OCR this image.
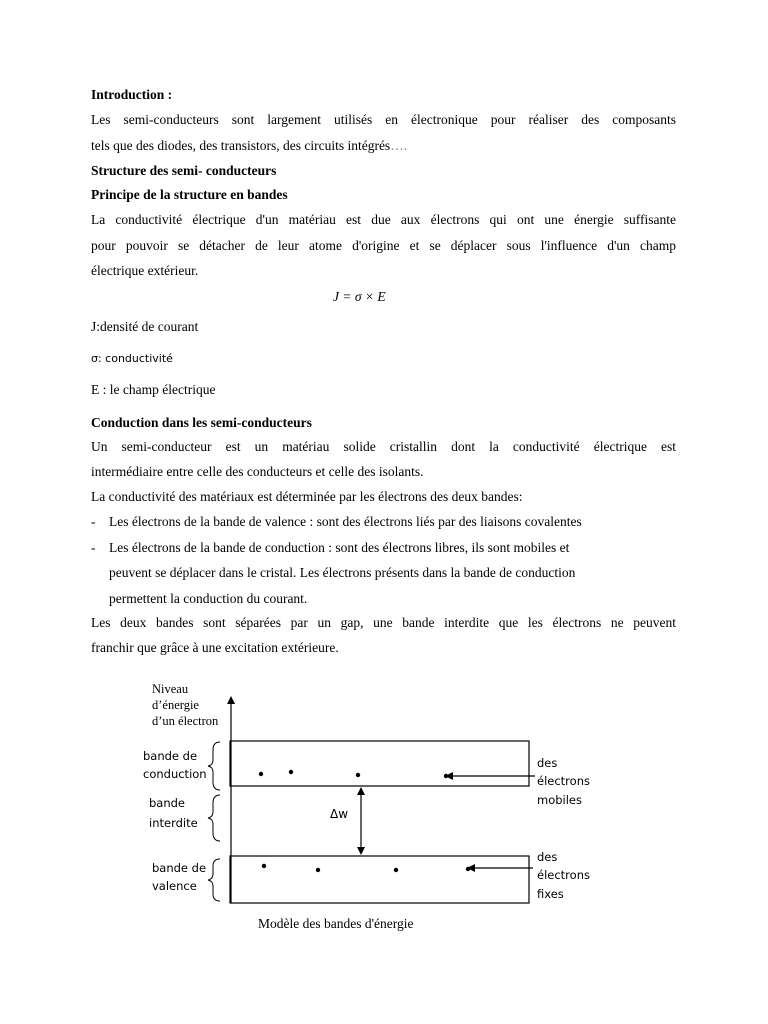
Introduction :
Les semi-conducteurs sont largement utilisés en électronique pour réaliser des composants
tels que des diodes, des transistors, des circuits intégrés….
Structure des semi- conducteurs
Principe de la structure en bandes
La conductivité électrique d'un matériau est due aux électrons qui ont une énergie suffisante
pour pouvoir se détacher de leur atome d'origine et se déplacer sous l'influence d'un champ
électrique extérieur.
J = σ × E
J:densité de courant
σ: conductivité
E : le champ électrique
Conduction dans les semi-conducteurs
Un semi-conducteur est un matériau solide cristallin dont la conductivité électrique est
intermédiaire entre celle des conducteurs et celle des isolants.
La conductivité des matériaux est déterminée par les électrons des deux bandes:
- Les électrons de la bande de valence : sont des électrons liés par des liaisons covalentes
- Les électrons de la bande de conduction : sont des électrons libres, ils sont mobiles et
peuvent se déplacer dans le cristal. Les électrons présents dans la bande de conduction
permettent la conduction du courant.
Les deux bandes sont séparées par un gap, une bande interdite que les électrons ne peuvent
franchir que grâce à une excitation extérieure.
Niveau
d’énergie
d’un électron
Δw
bande de
conduction
bande
interdite
bande de
valence
des
électrons
mobiles
des
électrons
fixes
Modèle des bandes d'énergie
